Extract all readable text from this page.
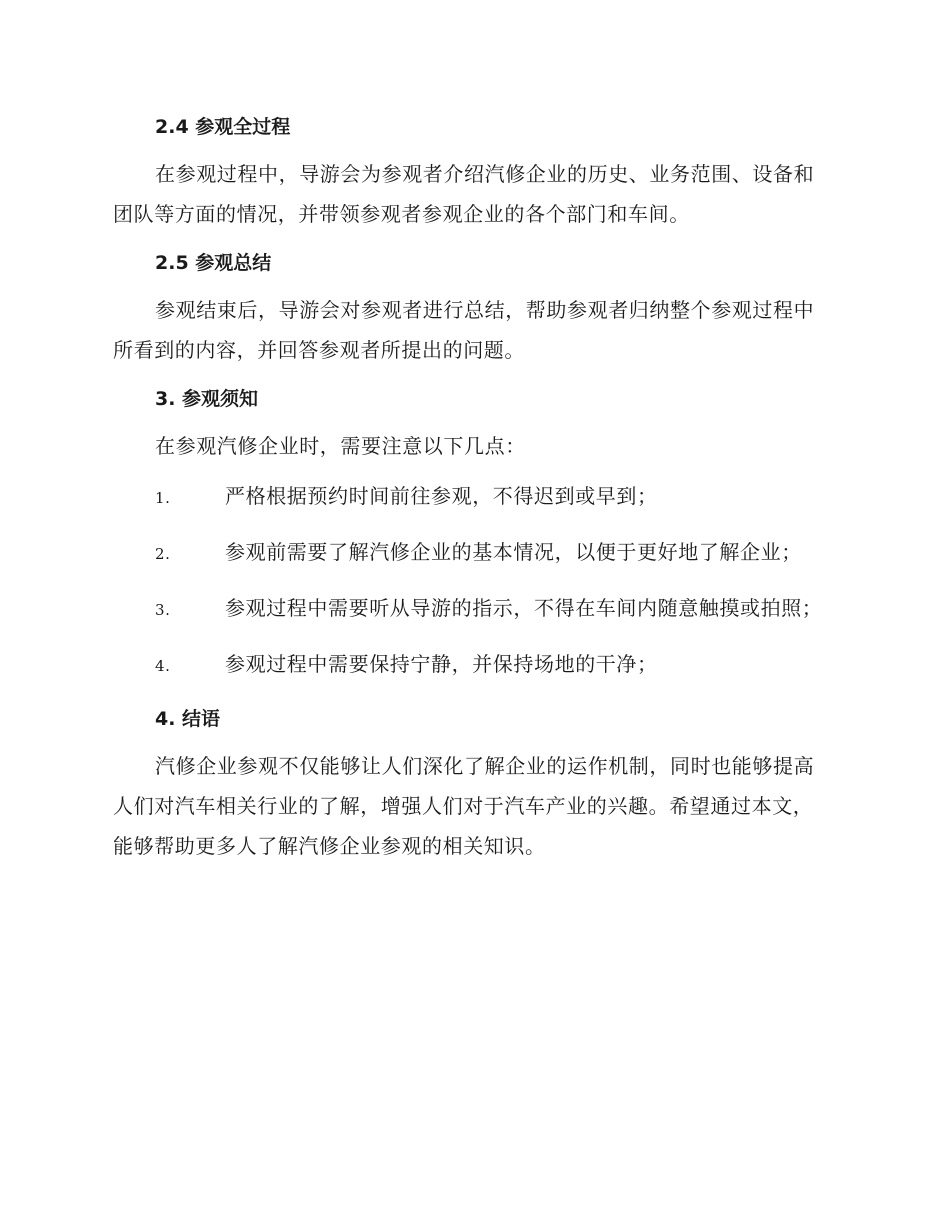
2.4 参观全过程

在参观过程中，导游会为参观者介绍汽修企业的历史、业务范围、设备和团队等方面的情况，并带领参观者参观企业的各个部门和车间。

2.5 参观总结

参观结束后，导游会对参观者进行总结，帮助参观者归纳整个参观过程中所看到的内容，并回答参观者所提出的问题。

3. 参观须知

在参观汽修企业时，需要注意以下几点：

1.	严格根据预约时间前往参观，不得迟到或早到；
2.	参观前需要了解汽修企业的基本情况，以便于更好地了解企业；
3.	参观过程中需要听从导游的指示，不得在车间内随意触摸或拍照；
4.	参观过程中需要保持宁静，并保持场地的干净；
4. 结语

汽修企业参观不仅能够让人们深化了解企业的运作机制，同时也能够提高人们对汽车相关行业的了解，增强人们对于汽车产业的兴趣。希望通过本文，能够帮助更多人了解汽修企业参观的相关知识。
